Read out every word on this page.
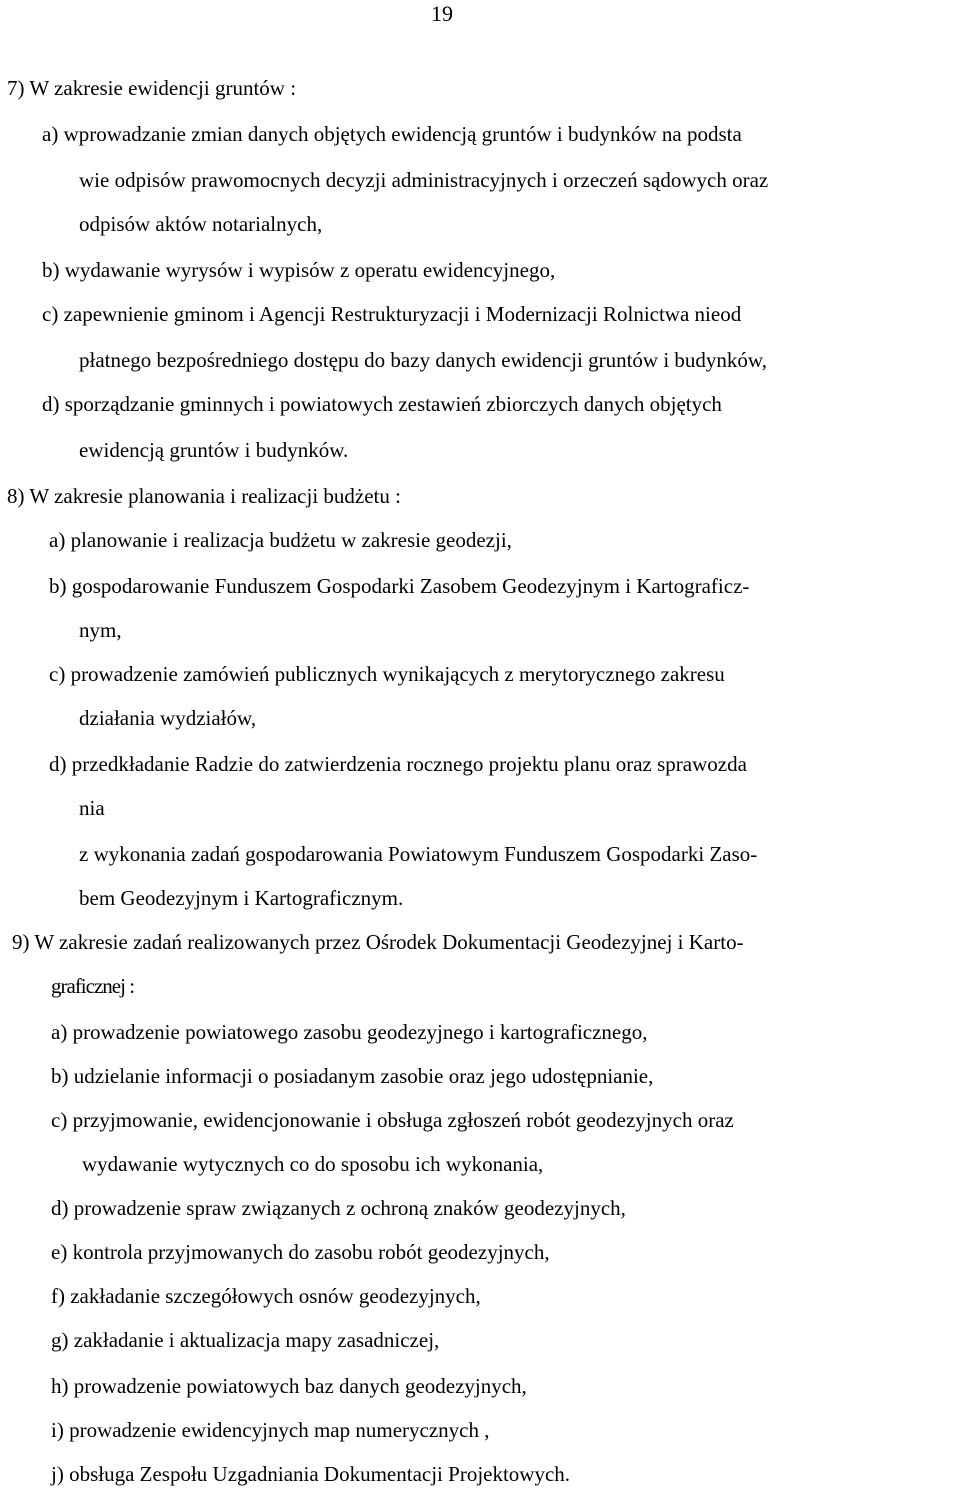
19
7) W zakresie ewidencji gruntów :
a) wprowadzanie zmian danych objętych ewidencją gruntów i budynków na podsta
wie odpisów prawomocnych decyzji administracyjnych i orzeczeń sądowych oraz
odpisów aktów notarialnych,
b) wydawanie wyrysów i wypisów z operatu ewidencyjnego,
c) zapewnienie gminom i Agencji Restrukturyzacji i Modernizacji Rolnictwa nieod
płatnego bezpośredniego dostępu do bazy danych ewidencji gruntów i budynków,
d) sporządzanie gminnych i powiatowych zestawień zbiorczych danych objętych
ewidencją gruntów i budynków.
8) W zakresie planowania i realizacji budżetu :
a) planowanie i realizacja budżetu w zakresie geodezji,
b) gospodarowanie Funduszem Gospodarki Zasobem Geodezyjnym i Kartograficz-
nym,
c) prowadzenie zamówień publicznych wynikających z merytorycznego zakresu
działania wydziałów,
d) przedkładanie Radzie do zatwierdzenia rocznego projektu planu oraz sprawozda
nia
z wykonania zadań gospodarowania Powiatowym Funduszem Gospodarki Zaso-
bem Geodezyjnym i Kartograficznym.
9) W zakresie zadań realizowanych przez Ośrodek Dokumentacji Geodezyjnej i Karto-
graficznej :
a) prowadzenie powiatowego zasobu geodezyjnego i kartograficznego,
b) udzielanie informacji o posiadanym zasobie oraz jego udostępnianie,
c) przyjmowanie, ewidencjonowanie i obsługa zgłoszeń robót geodezyjnych oraz
wydawanie wytycznych co do sposobu ich wykonania,
d) prowadzenie spraw związanych z ochroną znaków geodezyjnych,
e) kontrola przyjmowanych do zasobu robót geodezyjnych,
f) zakładanie szczegółowych osnów geodezyjnych,
g) zakładanie i aktualizacja mapy zasadniczej,
h) prowadzenie powiatowych baz danych geodezyjnych,
i) prowadzenie ewidencyjnych map numerycznych ,
j) obsługa Zespołu Uzgadniania Dokumentacji Projektowych.
